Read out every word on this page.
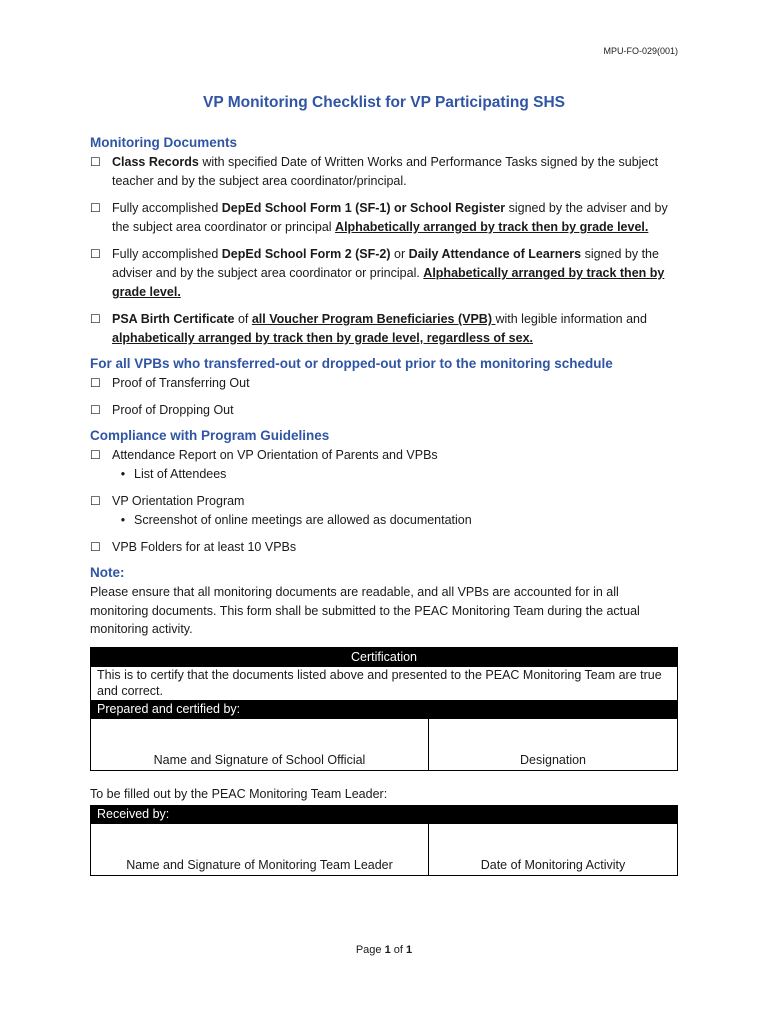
MPU-FO-029(001)
VP Monitoring Checklist for VP Participating SHS
Monitoring Documents
☐ Class Records with specified Date of Written Works and Performance Tasks signed by the subject teacher and by the subject area coordinator/principal.
☐ Fully accomplished DepEd School Form 1 (SF-1) or School Register signed by the adviser and by the subject area coordinator or principal Alphabetically arranged by track then by grade level.
☐ Fully accomplished DepEd School Form 2 (SF-2) or Daily Attendance of Learners signed by the adviser and by the subject area coordinator or principal. Alphabetically arranged by track then by grade level.
☐ PSA Birth Certificate of all Voucher Program Beneficiaries (VPB) with legible information and alphabetically arranged by track then by grade level, regardless of sex.
For all VPBs who transferred-out or dropped-out prior to the monitoring schedule
☐ Proof of Transferring Out
☐ Proof of Dropping Out
Compliance with Program Guidelines
☐ Attendance Report on VP Orientation of Parents and VPBs
• List of Attendees
☐ VP Orientation Program
• Screenshot of online meetings are allowed as documentation
☐ VPB Folders for at least 10 VPBs
Note:

Please ensure that all monitoring documents are readable, and all VPBs are accounted for in all monitoring documents. This form shall be submitted to the PEAC Monitoring Team during the actual monitoring activity.

Certification
This is to certify that the documents listed above and presented to the PEAC Monitoring Team are true and correct.
Prepared and certified by:
Name and Signature of School Official	Designation

To be filled out by the PEAC Monitoring Team Leader:

Received by:
Name and Signature of Monitoring Team Leader	Date of Monitoring Activity
Page 1 of 1
